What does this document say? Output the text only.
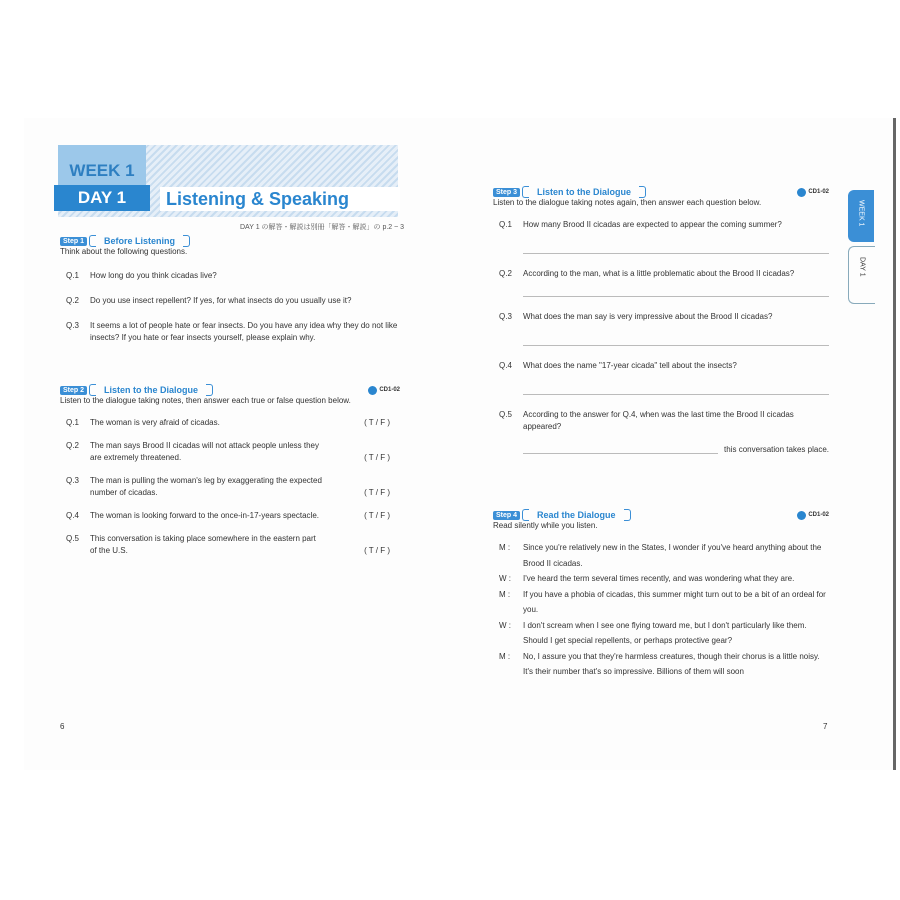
WEEK 1
DAY 1	Listening & Speaking
DAY 1 の解答・解説は別冊「解答・解説」の p.2 ~ 3
Step 1	Before Listening
Think about the following questions.
Q.1	How long do you think cicadas live?
Q.2	Do you use insect repellent? If yes, for what insects do you usually use it?
Q.3	It seems a lot of people hate or fear insects. Do you have any idea why they do not like insects? If you hate or fear insects yourself, please explain why.
Step 2	Listen to the Dialogue	CD1-02
Listen to the dialogue taking notes, then answer each true or false question below.
Q.1	The woman is very afraid of cicadas.	( T / F )
Q.2	The man says Brood II cicadas will not attack people unless they are extremely threatened.	( T / F )
Q.3	The man is pulling the woman's leg by exaggerating the expected number of cicadas.	( T / F )
Q.4	The woman is looking forward to the once-in-17-years spectacle.	( T / F )
Q.5	This conversation is taking place somewhere in the eastern part of the U.S.	( T / F )
6
Step 3	Listen to the Dialogue	CD1-02
Listen to the dialogue taking notes again, then answer each question below.
Q.1	How many Brood II cicadas are expected to appear the coming summer?
Q.2	According to the man, what is a little problematic about the Brood II cicadas?
Q.3	What does the man say is very impressive about the Brood II cicadas?
Q.4	What does the name "17-year cicada" tell about the insects?
Q.5	According to the answer for Q.4, when was the last time the Brood II cicadas appeared?
this conversation takes place.
Step 4	Read the Dialogue	CD1-02
Read silently while you listen.
M :	Since you're relatively new in the States, I wonder if you've heard anything about the Brood II cicadas.
W :	I've heard the term several times recently, and was wondering what they are.
M :	If you have a phobia of cicadas, this summer might turn out to be a bit of an ordeal for you.
W :	I don't scream when I see one flying toward me, but I don't particularly like them. Should I get special repellents, or perhaps protective gear?
M :	No, I assure you that they're harmless creatures, though their chorus is a little noisy. It's their number that's so impressive. Billions of them will soon
7
WEEK 1
DAY 1
